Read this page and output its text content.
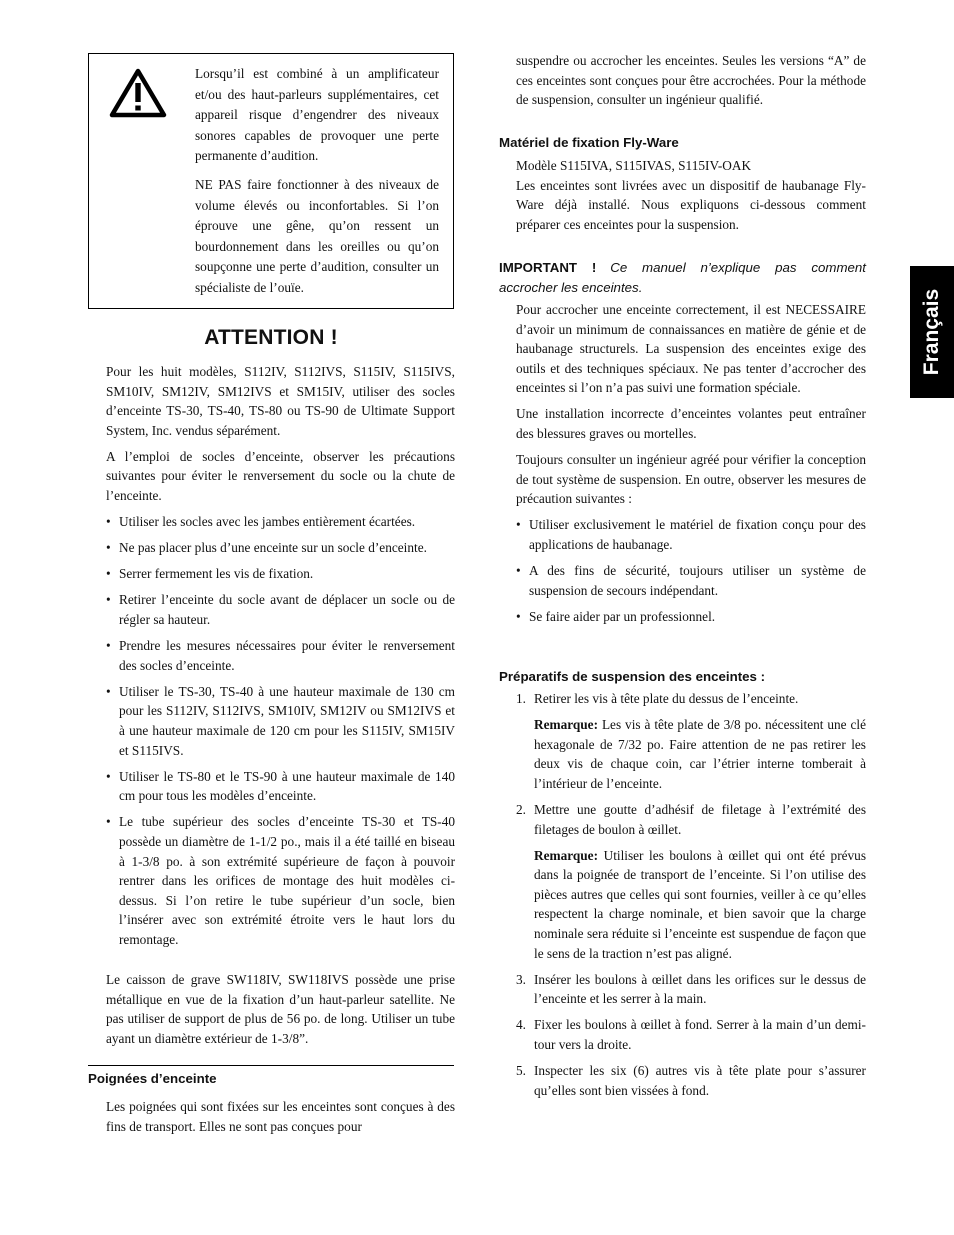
Lorsqu’il est combiné à un amplificateur et/ou des haut-parleurs supplémentaires, cet appareil risque d’engendrer des niveaux sonores capables de provoquer une perte permanente d’audition.

NE PAS faire fonctionner à des niveaux de volume élevés ou inconfortables. Si l’on éprouve une gêne, qu’on ressent un bourdonnement dans les oreilles ou qu’on soupçonne une perte d’audition, consulter un spécialiste de l’ouïe.

ATTENTION !

Pour les huit modèles, S112IV, S112IVS, S115IV, S115IVS, SM10IV, SM12IV, SM12IVS et SM15IV, utiliser des socles d’enceinte TS-30, TS-40, TS-80 ou TS-90 de Ultimate Support System, Inc. vendus séparément.

A l’emploi de socles d’enceinte, observer les précautions suivantes pour éviter le renversement du socle ou la chute de l’enceinte.

• Utiliser les socles avec les jambes entièrement écartées.
• Ne pas placer plus d’une enceinte sur un socle d’enceinte.
• Serrer fermement les vis de fixation.
• Retirer l’enceinte du socle avant de déplacer un socle ou de régler sa hauteur.
• Prendre les mesures nécessaires pour éviter le renversement des socles d’enceinte.
• Utiliser le TS-30, TS-40 à une hauteur maximale de 130 cm pour les S112IV, S112IVS, SM10IV, SM12IV ou SM12IVS et à une hauteur maximale de 120 cm pour les S115IV, SM15IV et S115IVS.
• Utiliser le TS-80 et le TS-90 à une hauteur maximale de 140 cm pour tous les modèles d’enceinte.
• Le tube supérieur des socles d’enceinte TS-30 et TS-40 possède un diamètre de 1-1/2 po., mais il a été taillé en biseau à 1-3/8 po. à son extrémité supérieure de façon à pouvoir rentrer dans les orifices de montage des huit modèles ci-dessus. Si l’on retire le tube supérieur d’un socle, bien l’insérer avec son extrémité étroite vers le haut lors du remontage.

Le caisson de grave SW118IV, SW118IVS possède une prise métallique en vue de la fixation d’un haut-parleur satellite. Ne pas utiliser de support de plus de 56 po. de long. Utiliser un tube ayant un diamètre extérieur de 1-3/8”.

Poignées d’enceinte

Les poignées qui sont fixées sur les enceintes sont conçues à des fins de transport. Elles ne sont pas conçues pour

suspendre ou accrocher les enceintes. Seules les versions “A” de ces enceintes sont conçues pour être accrochées. Pour la méthode de suspension, consulter un ingénieur qualifié.

Matériel de fixation Fly-Ware

Modèle S115IVA, S115IVAS, S115IV-OAK

Les enceintes sont livrées avec un dispositif de haubanage Fly-Ware déjà installé. Nous expliquons ci-dessous comment préparer ces enceintes pour la suspension.

IMPORTANT ! Ce manuel n’explique pas comment accrocher les enceintes.

Pour accrocher une enceinte correctement, il est NECESSAIRE d’avoir un minimum de connaissances en matière de génie et de haubanage structurels. La suspension des enceintes exige des outils et des techniques spéciaux. Ne pas tenter d’accrocher des enceintes si l’on n’a pas suivi une formation spéciale.

Une installation incorrecte d’enceintes volantes peut entraîner des blessures graves ou mortelles.

Toujours consulter un ingénieur agréé pour vérifier la conception de tout système de suspension. En outre, observer les mesures de précaution suivantes :

• Utiliser exclusivement le matériel de fixation conçu pour des applications de haubanage.
• A des fins de sécurité, toujours utiliser un système de suspension de secours indépendant.
• Se faire aider par un professionnel.
Préparatifs de suspension des enceintes :
1. Retirer les vis à tête plate du dessus de l’enceinte.

Remarque: Les vis à tête plate de 3/8 po. nécessitent une clé hexagonale de 7/32 po. Faire attention de ne pas retirer les deux vis de chaque coin, car l’étrier interne tomberait à l’intérieur de l’enceinte.

2. Mettre une goutte d’adhésif de filetage à l’extrémité des filetages de boulon à œillet.

Remarque: Utiliser les boulons à œillet qui ont été prévus dans la poignée de transport de l’enceinte. Si l’on utilise des pièces autres que celles qui sont fournies, veiller à ce qu’elles respectent la charge nominale, et bien savoir que la charge nominale sera réduite si l’enceinte est suspendue de façon que le sens de la traction n’est pas aligné.

3. Insérer les boulons à œillet dans les orifices sur le dessus de l’enceinte et les serrer à la main.
4. Fixer les boulons à œillet à fond. Serrer à la main d’un demi-tour vers la droite.
5. Inspecter les six (6) autres vis à tête plate pour s’assurer qu’elles sont bien vissées à fond.
Français
